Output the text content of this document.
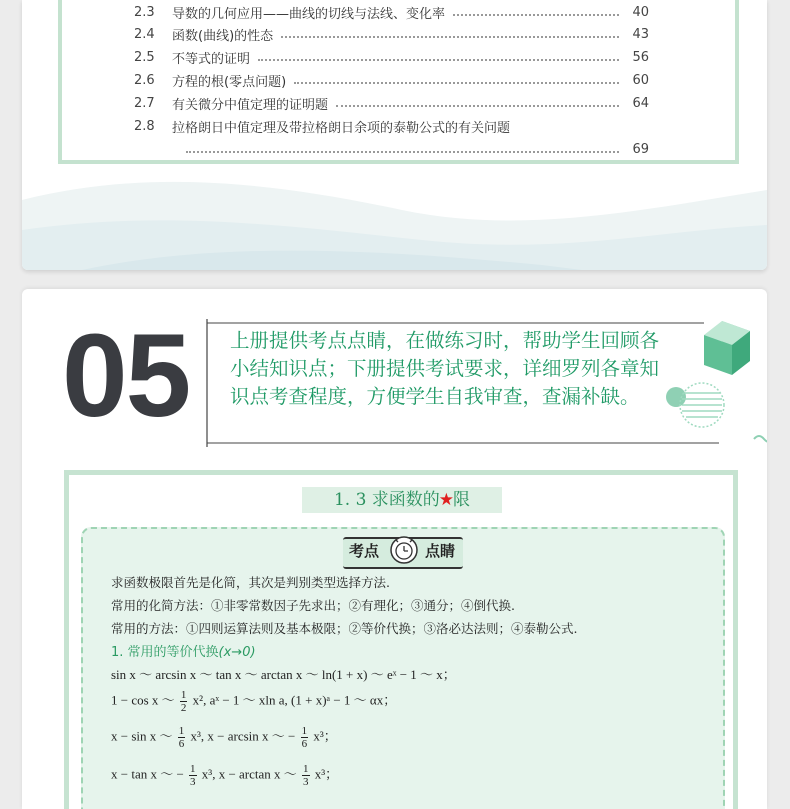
2.3	导数的几何应用——曲线的切线与法线、变化率	40
2.4	函数(曲线)的性态	43
2.5	不等式的证明	56
2.6	方程的根(零点问题)	60
2.7	有关微分中值定理的证明题	64
2.8	拉格朗日中值定理及带拉格朗日余项的泰勒公式的有关问题
69
05 上册提供考点点睛，在做练习时，帮助学生回顾各小结知识点；下册提供考试要求，详细罗列各章知识点考查程度，方便学生自我审查，查漏补缺。
1. 3 求函数的★限
考点	点睛
求函数极限首先是化简，其次是判别类型选择方法.
常用的化简方法：①非零常数因子先求出；②有理化；③通分；④倒代换.
常用的方法：①四则运算法则及基本极限；②等价代换；③洛必达法则；④泰勒公式.
1. 常用的等价代换(x→0)
sin x ～ arcsin x ～ tan x ～ arctan x ～ ln(1 + x) ～ eˣ − 1 ～ x；
1 − cos x ～ $\frac{1}{2} x^2$, aˣ − 1 ～ xln a, (1 + x)ᵃ − 1 ～ αx；
x − sin x ～ $\frac{1}{6} x^3$, x − arcsin x ～ − $\frac{1}{6} x^3$；
x − tan x ～ − $\frac{1}{3} x^3$, x − arctan x ～ $\frac{1}{3} x^3$；
